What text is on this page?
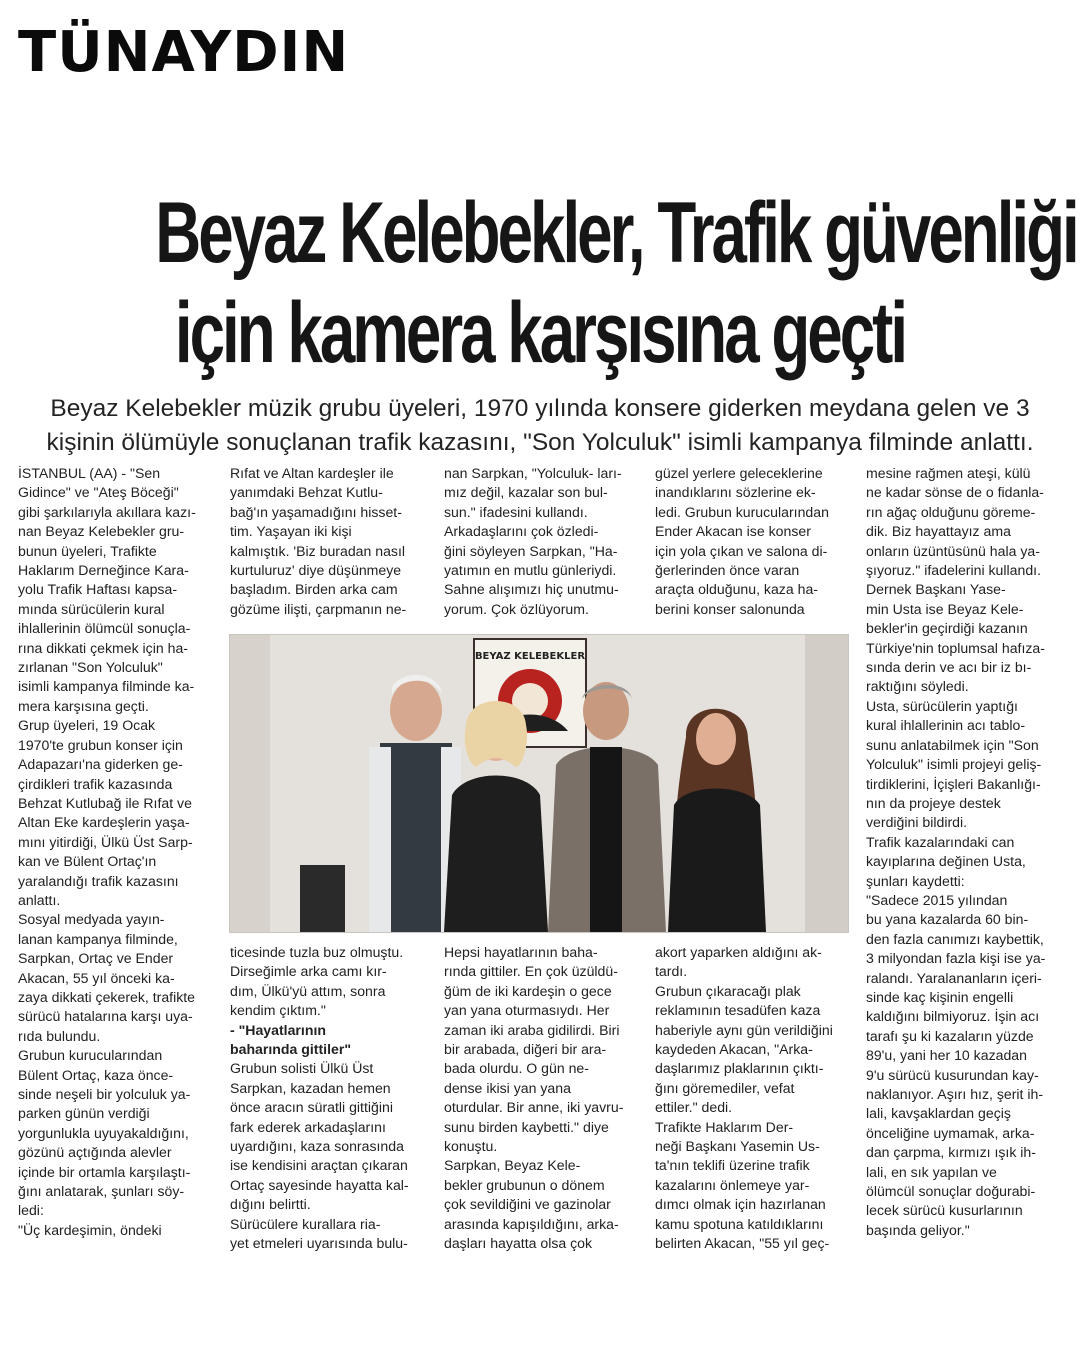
TÜNAYDIN
Beyaz Kelebekler, Trafik güvenliği
için kamera karşısına geçti
Beyaz Kelebekler müzik grubu üyeleri, 1970 yılında konsere giderken meydana gelen ve 3
kişinin ölümüyle sonuçlanan trafik kazasını, "Son Yolculuk" isimli kampanya filminde anlattı.

İSTANBUL (AA) - "Sen

Gidince" ve "Ateş Böceği"

gibi şarkılarıyla akıllara kazı-

nan Beyaz Kelebekler gru-

bunun üyeleri, Trafikte

Haklarım Derneğince Kara-

yolu Trafik Haftası kapsa-

mında sürücülerin kural

ihlallerinin ölümcül sonuçla-

rına dikkati çekmek için ha-

zırlanan "Son Yolculuk"

isimli kampanya filminde ka-

mera karşısına geçti.

Grup üyeleri, 19 Ocak

1970'te grubun konser için

Adapazarı'na giderken ge-

çirdikleri trafik kazasında

Behzat Kutlubağ ile Rıfat ve

Altan Eke kardeşlerin yaşa-

mını yitirdiği, Ülkü Üst Sarp-

kan ve Bülent Ortaç'ın

yaralandığı trafik kazasını

anlattı.

Sosyal medyada yayın-

lanan kampanya filminde,

Sarpkan, Ortaç ve Ender

Akacan, 55 yıl önceki ka-

zaya dikkati çekerek, trafikte

sürücü hatalarına karşı uya-

rıda bulundu.

Grubun kurucularından

Bülent Ortaç, kaza önce-

sinde neşeli bir yolculuk ya-

parken günün verdiği

yorgunlukla uyuyakaldığını,

gözünü açtığında alevler

içinde bir ortamla karşılaştı-

ğını anlatarak, şunları söy-

ledi:

"Üç kardeşimin, öndeki

Rıfat ve Altan kardeşler ile

yanımdaki Behzat Kutlu-

bağ'ın yaşamadığını hisset-

tim. Yaşayan iki kişi

kalmıştık. 'Biz buradan nasıl

kurtuluruz' diye düşünmeye

başladım. Birden arka cam

gözüme ilişti, çarpmanın ne-

nan Sarpkan, "Yolculuk- ları-

mız değil, kazalar son bul-

sun." ifadesini kullandı.

Arkadaşlarını çok özledi-

ğini söyleyen Sarpkan, "Ha-

yatımın en mutlu günleriydi.

Sahne alışımızı hiç unutmu-

yorum. Çok özlüyorum.

güzel yerlere geleceklerine

inandıklarını sözlerine ek-

ledi. Grubun kurucularından

Ender Akacan ise konser

için yola çıkan ve salona di-

ğerlerinden önce varan

araçta olduğunu, kaza ha-

berini konser salonunda

mesine rağmen ateşi, külü

ne kadar sönse de o fidanla-

rın ağaç olduğunu göreme-

dik. Biz hayattayız ama

onların üzüntüsünü hala ya-

şıyoruz." ifadelerini kullandı.

Dernek Başkanı Yase-

min Usta ise Beyaz Kele-

bekler'in geçirdiği kazanın

Türkiye'nin toplumsal hafıza-

sında derin ve acı bir iz bı-

raktığını söyledi.

Usta, sürücülerin yaptığı

kural ihlallerinin acı tablo-

sunu anlatabilmek için "Son

Yolculuk" isimli projeyi geliş-

tirdiklerini, İçişleri Bakanlığı-

nın da projeye destek

verdiğini bildirdi.

Trafik kazalarındaki can

kayıplarına değinen Usta,

şunları kaydetti:

"Sadece 2015 yılından

bu yana kazalarda 60 bin-

den fazla canımızı kaybettik,

3 milyondan fazla kişi ise ya-

ralandı. Yaralananların içeri-

sinde kaç kişinin engelli

kaldığını bilmiyoruz. İşin acı

tarafı şu ki kazaların yüzde

89'u, yani her 10 kazadan

9'u sürücü kusurundan kay-

naklanıyor. Aşırı hız, şerit ih-

lali, kavşaklardan geçiş

önceliğine uymamak, arka-

dan çarpma, kırmızı ışık ih-

lali, en sık yapılan ve

ölümcül sonuçlar doğurabi-

lecek sürücü kusurlarının

başında geliyor."

BEYAZ KELEBEKLER

ticesinde tuzla buz olmuştu.

Dirseğimle arka camı kır-

dım, Ülkü'yü attım, sonra

kendim çıktım."

- "Hayatlarının

baharında gittiler"

Grubun solisti Ülkü Üst

Sarpkan, kazadan hemen

önce aracın süratli gittiğini

fark ederek arkadaşlarını

uyardığını, kaza sonrasında

ise kendisini araçtan çıkaran

Ortaç sayesinde hayatta kal-

dığını belirtti.

Sürücülere kurallara ria-

yet etmeleri uyarısında bulu-

Hepsi hayatlarının baha-

rında gittiler. En çok üzüldü-

ğüm de iki kardeşin o gece

yan yana oturmasıydı. Her

zaman iki araba gidilirdi. Biri

bir arabada, diğeri bir ara-

bada olurdu. O gün ne-

dense ikisi yan yana

oturdular. Bir anne, iki yavru-

sunu birden kaybetti." diye

konuştu.

Sarpkan, Beyaz Kele-

bekler grubunun o dönem

çok sevildiğini ve gazinolar

arasında kapışıldığını, arka-

daşları hayatta olsa çok

akort yaparken aldığını ak-

tardı.

Grubun çıkaracağı plak

reklamının tesadüfen kaza

haberiyle aynı gün verildiğini

kaydeden Akacan, "Arka-

daşlarımız plaklarının çıktı-

ğını göremediler, vefat

ettiler." dedi.

Trafikte Haklarım Der-

neği Başkanı Yasemin Us-

ta'nın teklifi üzerine trafik

kazalarını önlemeye yar-

dımcı olmak için hazırlanan

kamu spotuna katıldıklarını

belirten Akacan, "55 yıl geç-
